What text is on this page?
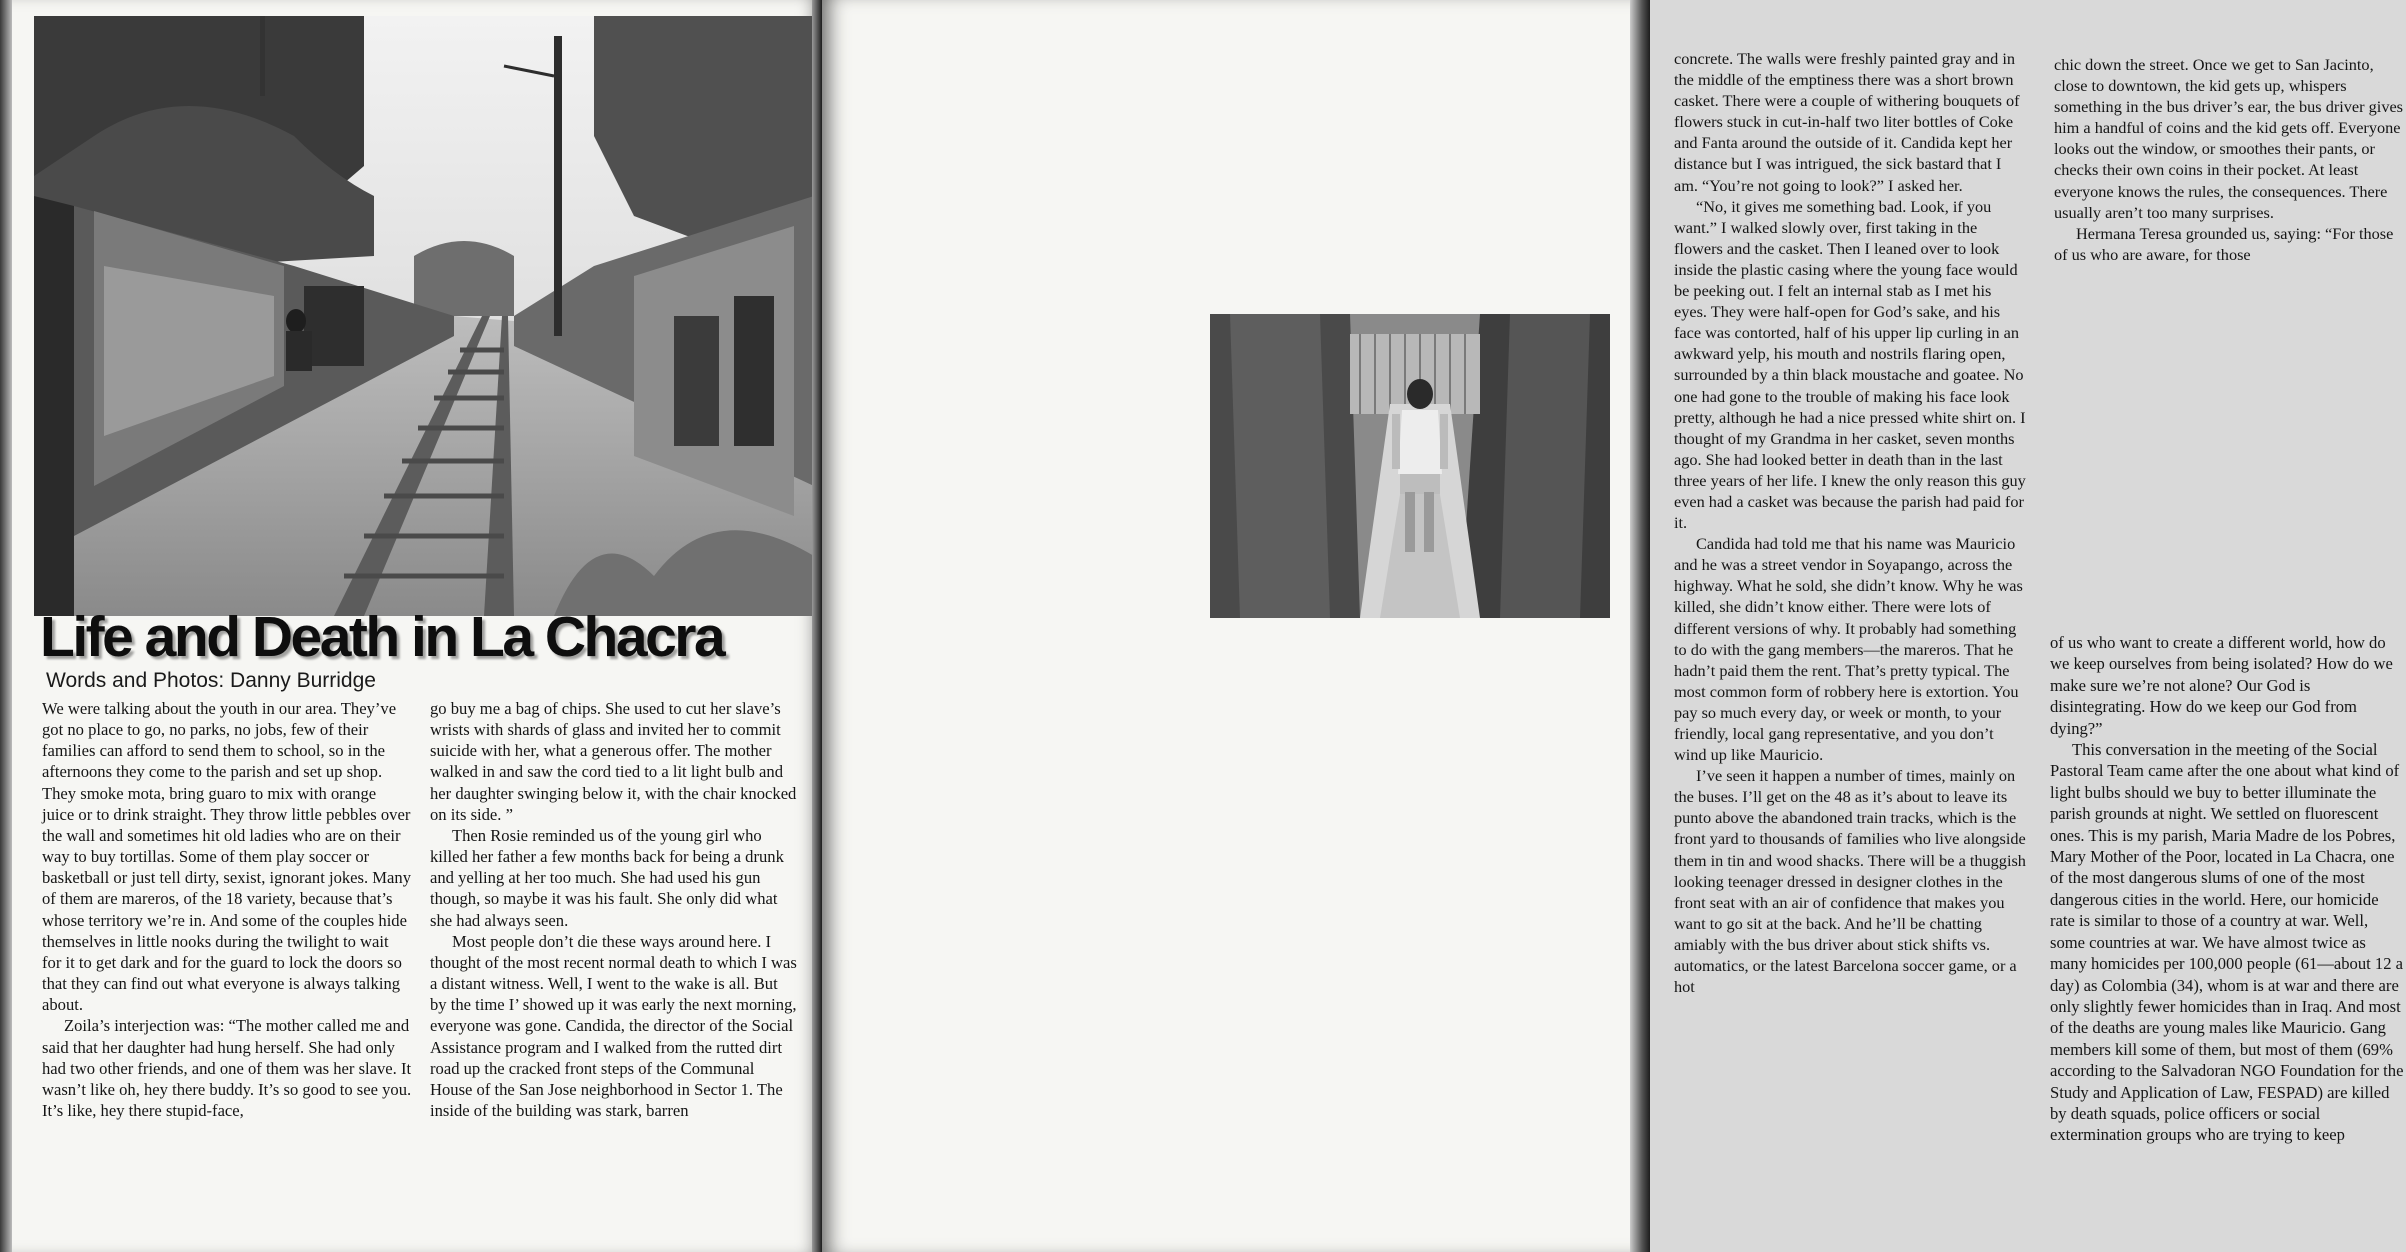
Life and Death in La Chacra

Words and Photos: Danny Burridge

We were talking about the youth in our area. They’ve got no place to go, no parks, no jobs, few of their families can afford to send them to school, so in the afternoons they come to the parish and set up shop. They smoke mota, bring guaro to mix with orange juice or to drink straight. They throw little pebbles over the wall and sometimes hit old ladies who are on their way to buy tortillas. Some of them play soccer or basketball or just tell dirty, sexist, ignorant jokes. Many of them are mareros, of the 18 variety, because that’s whose territory we’re in. And some of the couples hide themselves in little nooks during the twilight to wait for it to get dark and for the guard to lock the doors so that they can find out what everyone is always talking about.

Zoila’s interjection was: “The mother called me and said that her daughter had hung herself. She had only had two other friends, and one of them was her slave. It wasn’t like oh, hey there buddy. It’s so good to see you. It’s like, hey there stupid-face,

go buy me a bag of chips. She used to cut her slave’s wrists with shards of glass and invited her to commit suicide with her, what a generous offer. The mother walked in and saw the cord tied to a lit light bulb and her daughter swinging below it, with the chair knocked on its side. ”

Then Rosie reminded us of the young girl who killed her father a few months back for being a drunk and yelling at her too much. She had used his gun though, so maybe it was his fault. She only did what she had always seen.

Most people don’t die these ways around here. I thought of the most recent normal death to which I was a distant witness. Well, I went to the wake is all. But by the time I’ showed up it was early the next morning, everyone was gone. Candida, the director of the Social Assistance program and I walked from the rutted dirt road up the cracked front steps of the Communal House of the San Jose neighborhood in Sector 1. The inside of the building was stark, barren

concrete. The walls were freshly painted gray and in the middle of the emptiness there was a short brown casket. There were a couple of withering bouquets of flowers stuck in cut-in-half two liter bottles of Coke and Fanta around the outside of it. Candida kept her distance but I was intrigued, the sick bastard that I am. “You’re not going to look?” I asked her.

“No, it gives me something bad. Look, if you want.” I walked slowly over, first taking in the flowers and the casket. Then I leaned over to look inside the plastic casing where the young face would be peeking out. I felt an internal stab as I met his eyes. They were half-open for God’s sake, and his face was contorted, half of his upper lip curling in an awkward yelp, his mouth and nostrils flaring open, surrounded by a thin black moustache and goatee. No one had gone to the trouble of making his face look pretty, although he had a nice pressed white shirt on. I thought of my Grandma in her casket, seven months ago. She had looked better in death than in the last three years of her life. I knew the only reason this guy even had a casket was because the parish had paid for it.

Candida had told me that his name was Mauricio and he was a street vendor in Soyapango, across the highway. What he sold, she didn’t know. Why he was killed, she didn’t know either. There were lots of different versions of why. It probably had something to do with the gang members—the mareros. That he hadn’t paid them the rent. That’s pretty typical. The most common form of robbery here is extortion. You pay so much every day, or week or month, to your friendly, local gang representative, and you don’t wind up like Mauricio.

I’ve seen it happen a number of times, mainly on the buses. I’ll get on the 48 as it’s about to leave its punto above the abandoned train tracks, which is the front yard to thousands of families who live alongside them in tin and wood shacks. There will be a thuggish looking teenager dressed in designer clothes in the front seat with an air of confidence that makes you want to go sit at the back. And he’ll be chatting amiably with the bus driver about stick shifts vs. automatics, or the latest Barcelona soccer game, or a hot

chic down the street. Once we get to San Jacinto, close to downtown, the kid gets up, whispers something in the bus driver’s ear, the bus driver gives him a handful of coins and the kid gets off. Everyone looks out the window, or smoothes their pants, or checks their own coins in their pocket. At least everyone knows the rules, the consequences. There usually aren’t too many surprises.

Hermana Teresa grounded us, saying: “For those of us who are aware, for those

of us who want to create a different world, how do we keep ourselves from being isolated? How do we make sure we’re not alone? Our God is disintegrating. How do we keep our God from dying?”

This conversation in the meeting of the Social Pastoral Team came after the one about what kind of light bulbs should we buy to better illuminate the parish grounds at night. We settled on fluorescent ones. This is my parish, Maria Madre de los Pobres, Mary Mother of the Poor, located in La Chacra, one of the most dangerous slums of one of the most dangerous cities in the world. Here, our homicide rate is similar to those of a country at war. Well, some countries at war. We have almost twice as many homicides per 100,000 people (61—about 12 a day) as Colombia (34), whom is at war and there are only slightly fewer homicides than in Iraq. And most of the deaths are young males like Mauricio. Gang members kill some of them, but most of them (69% according to the Salvadoran NGO Foundation for the Study and Application of Law, FESPAD) are killed by death squads, police officers or social extermination groups who are trying to keep
